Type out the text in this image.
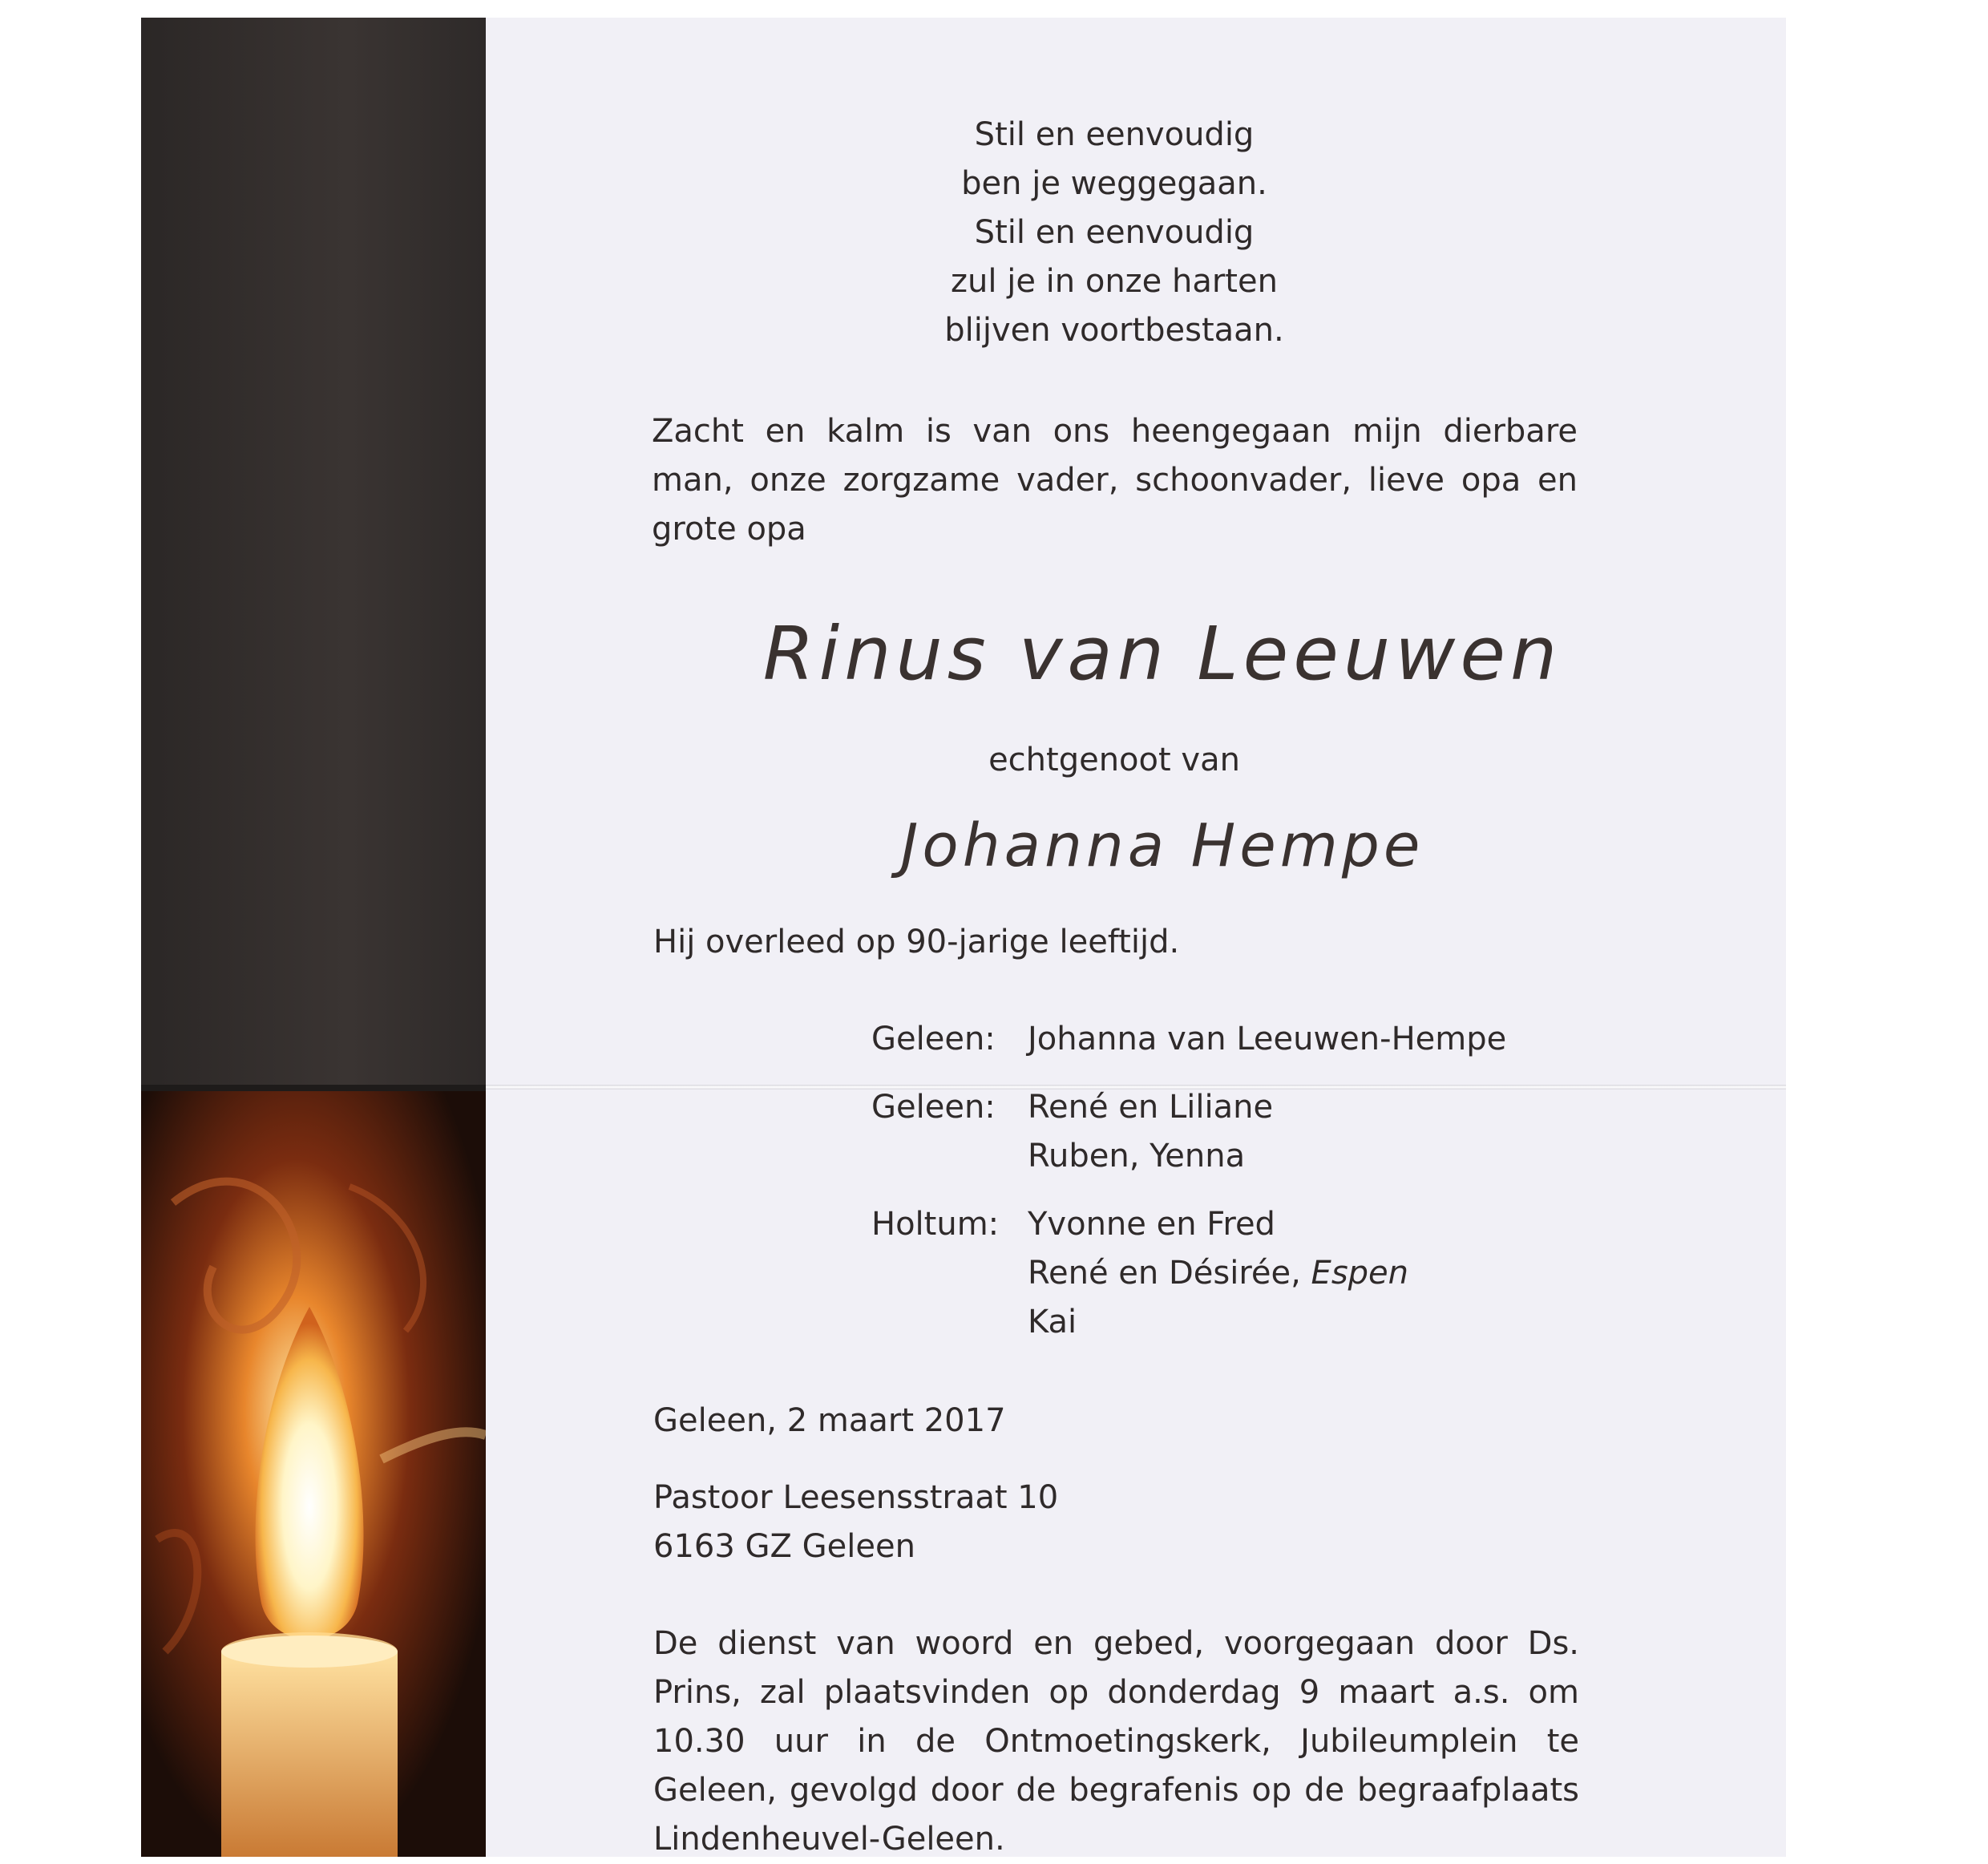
Stil en eenvoudig
ben je weggegaan.
Stil en eenvoudig
zul je in onze harten
blijven voortbestaan.
Zacht en kalm is van ons heengegaan mijn dierbare man, onze zorgzame vader, schoonvader, lieve opa en grote opa
Rinus van Leeuwen
echtgenoot van
Johanna Hempe
Hij overleed op 90-jarige leeftijd.
Geleen:	Johanna van Leeuwen-Hempe
Geleen:	René en Liliane
Ruben, Yenna
Holtum: Yvonne en Fred
René en Désirée, Espen
Kai
Geleen, 2 maart 2017
Pastoor Leesensstraat 10
6163 GZ Geleen
De dienst van woord en gebed, voorgegaan door Ds. Prins, zal plaatsvinden op donderdag 9 maart a.s. om 10.30 uur in de Ontmoetingskerk, Jubileumplein te Geleen, gevolgd door de begrafenis op de begraafplaats Lindenheuvel-Geleen.
